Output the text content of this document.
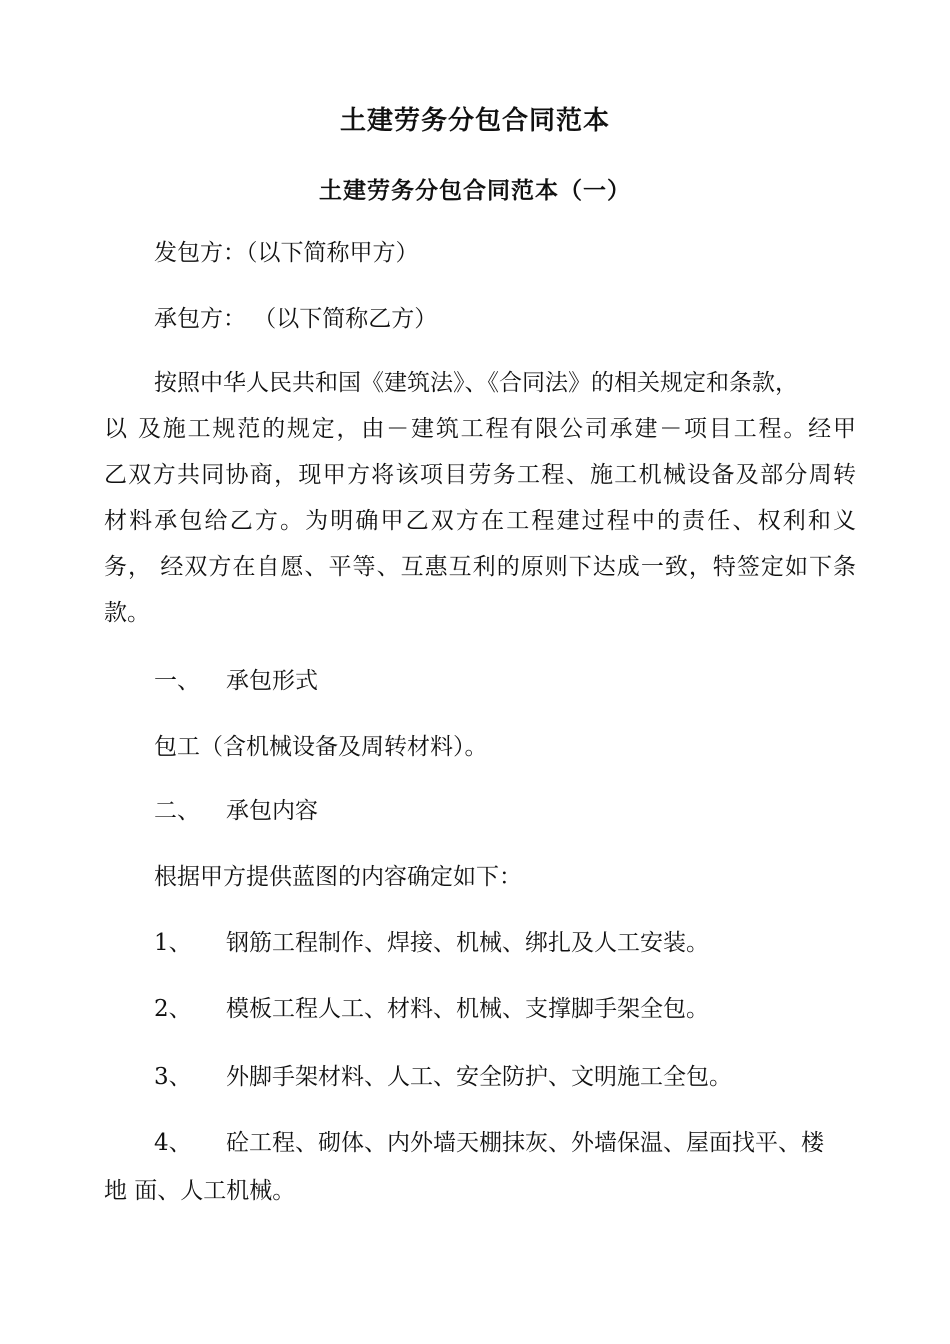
土建劳务分包合同范本
土建劳务分包合同范本（一）

发包方：（以下简称甲方）

承包方： （以下简称乙方）

按照中华人民共和国《建筑法》、《合同法》的相关规定和条款，

以 及施工规范的规定，由－建筑工程有限公司承建－项目工程。经甲

乙双方共同协商，现甲方将该项目劳务工程、施工机械设备及部分周转

材料承包给乙方。为明确甲乙双方在工程建过程中的责任、权利和义

务， 经双方在自愿、平等、互惠互利的原则下达成一致，特签定如下条

款。

一、 承包形式

包工（含机械设备及周转材料）。

二、 承包内容

根据甲方提供蓝图的内容确定如下：

1、 钢筋工程制作、焊接、机械、绑扎及人工安装。

2、 模板工程人工、材料、机械、支撑脚手架全包。

3、 外脚手架材料、人工、安全防护、文明施工全包。

4、 砼工程、砌体、内外墙天棚抹灰、外墙保温、屋面找平、楼

地 面、人工机械。
